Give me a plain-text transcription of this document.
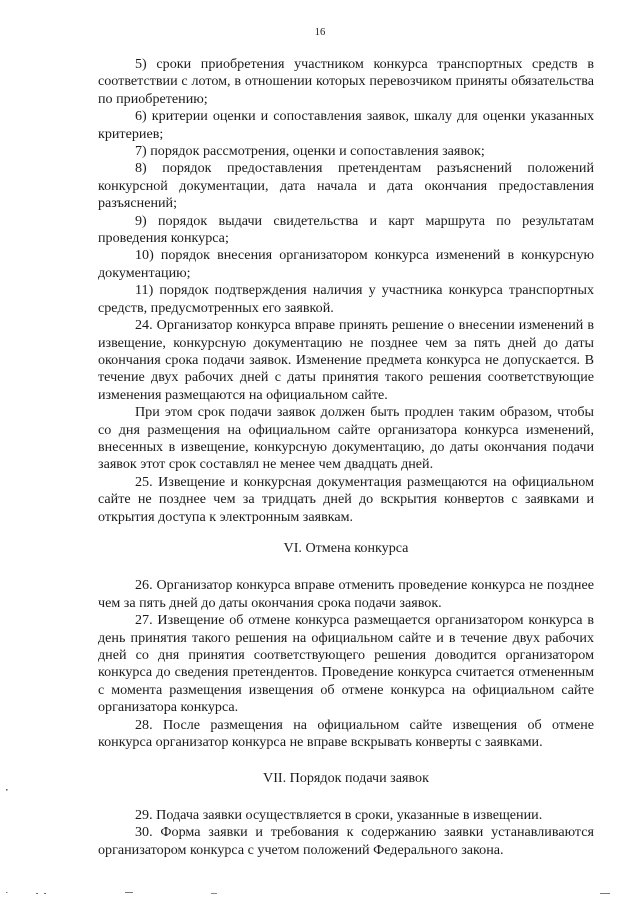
16

5) сроки приобретения участником конкурса транспортных средств в соответствии с лотом, в отношении которых перевозчиком приняты обязательства по приобретению;

6) критерии оценки и сопоставления заявок, шкалу для оценки указанных критериев;

7) порядок рассмотрения, оценки и сопоставления заявок;

8) порядок предоставления претендентам разъяснений положений конкурсной документации, дата начала и дата окончания предоставления разъяснений;

9) порядок выдачи свидетельства и карт маршрута по результатам проведения конкурса;

10) порядок внесения организатором конкурса изменений в конкурсную документацию;

11) порядок подтверждения наличия у участника конкурса транспортных средств, предусмотренных его заявкой.

24. Организатор конкурса вправе принять решение о внесении изменений в извещение, конкурсную документацию не позднее чем за пять дней до даты окончания срока подачи заявок. Изменение предмета конкурса не допускается. В течение двух рабочих дней с даты принятия такого решения соответствующие изменения размещаются на официальном сайте.

При этом срок подачи заявок должен быть продлен таким образом, чтобы со дня размещения на официальном сайте организатора конкурса изменений, внесенных в извещение, конкурсную документацию, до даты окончания подачи заявок этот срок составлял не менее чем двадцать дней.

25. Извещение и конкурсная документация размещаются на официальном сайте не позднее чем за тридцать дней до вскрытия конвертов с заявками и открытия доступа к электронным заявкам.

VI. Отмена конкурса

26. Организатор конкурса вправе отменить проведение конкурса не позднее чем за пять дней до даты окончания срока подачи заявок.

27. Извещение об отмене конкурса размещается организатором конкурса в день принятия такого решения на официальном сайте и в течение двух рабочих дней со дня принятия соответствующего решения доводится организатором конкурса до сведения претендентов. Проведение конкурса считается отмененным с момента размещения извещения об отмене конкурса на официальном сайте организатора конкурса.

28. После размещения на официальном сайте извещения об отмене конкурса организатор конкурса не вправе вскрывать конверты с заявками.

VII. Порядок подачи заявок

29. Подача заявки осуществляется в сроки, указанные в извещении.

30. Форма заявки и требования к содержанию заявки устанавливаются организатором конкурса с учетом положений Федерального закона.
